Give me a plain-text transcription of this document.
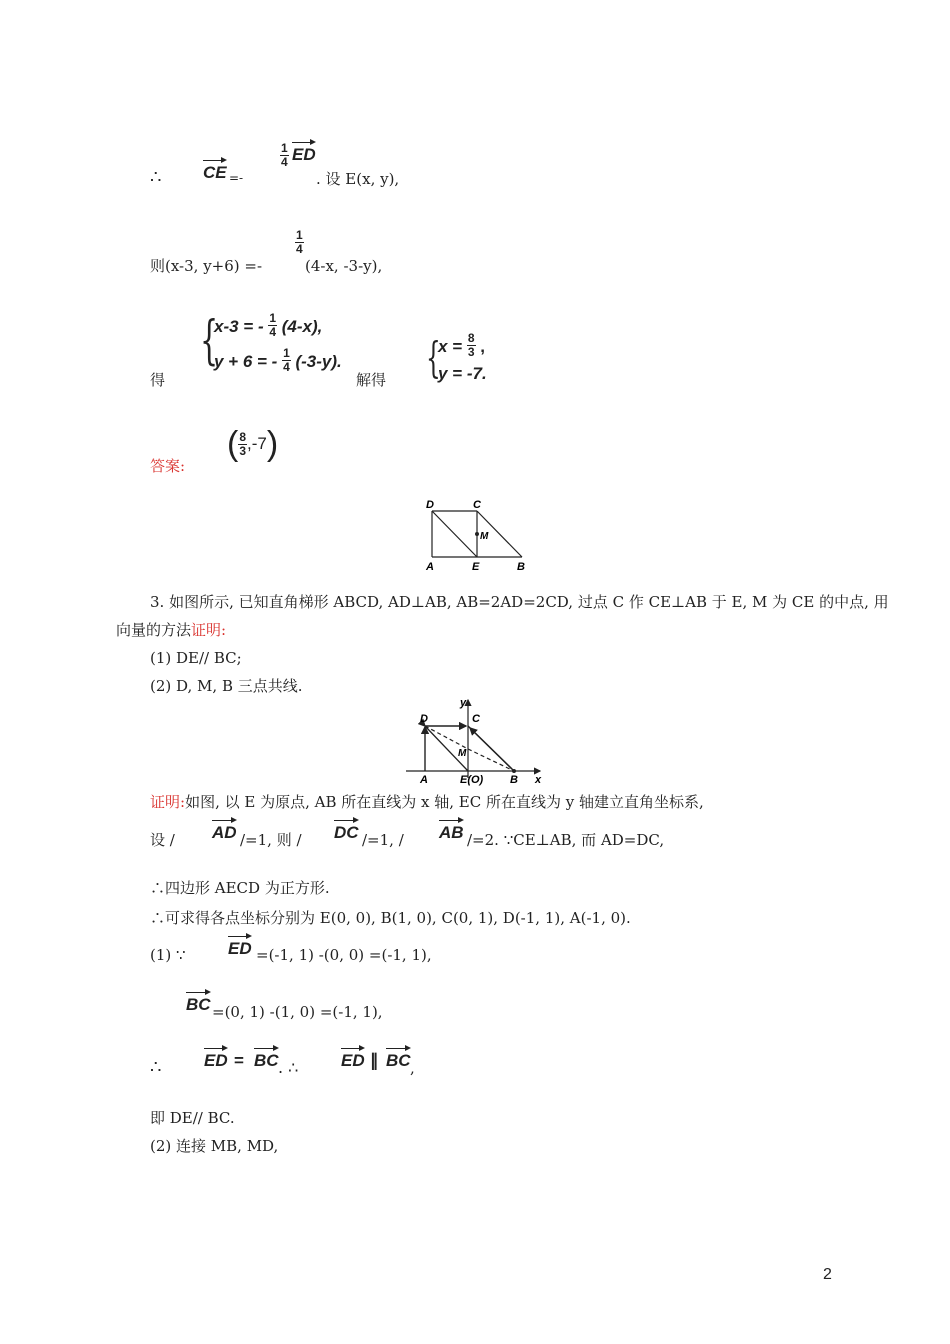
∴ CE =-
$\frac{1}{4}$ ED
. 设 E(x, y),
则(x-3, y+6) =-
$\frac{1}{4}$
(4-x, -3-y),
得
{
x-3 = - $\frac{1}{4} (4-x)$,
y + 6 = - $\frac{1}{4} (-3-y)$.
解得 {
$x = \frac{8}{3}$ ,
y = -7.
答案:
( $\frac{8}{3} ,-7$)
D	C
M
A	E	B
3. 如图所示, 已知直角梯形 ABCD, AD⊥AB, AB=2AD=2CD, 过点 C 作 CE⊥AB 于 E, M 为 CE 的中点, 用
向量的方法证明:
(1) DE// BC;
(2) D, M, B 三点共线.
y
D	C
M
A	E(O) B x
证明:如图, 以 E 为原点, AB 所在直线为 x 轴, EC 所在直线为 y 轴建立直角坐标系,
设 / AD /=1, 则 / DC /=1, / AB /=2. ∵CE⊥AB, 而 AD=DC,
∴四边形 AECD 为正方形.
∴可求得各点坐标分别为 E(0, 0), B(1, 0), C(0, 1), D(-1, 1), A(-1, 0).
(1) ∵ ED =(-1, 1) -(0, 0) =(-1, 1),
BC =(0, 1) -(1, 0) =(-1, 1),
∴	ED = BC . ∴	ED ∥ BC ,
即 DE// BC.
(2) 连接 MB, MD,
2
